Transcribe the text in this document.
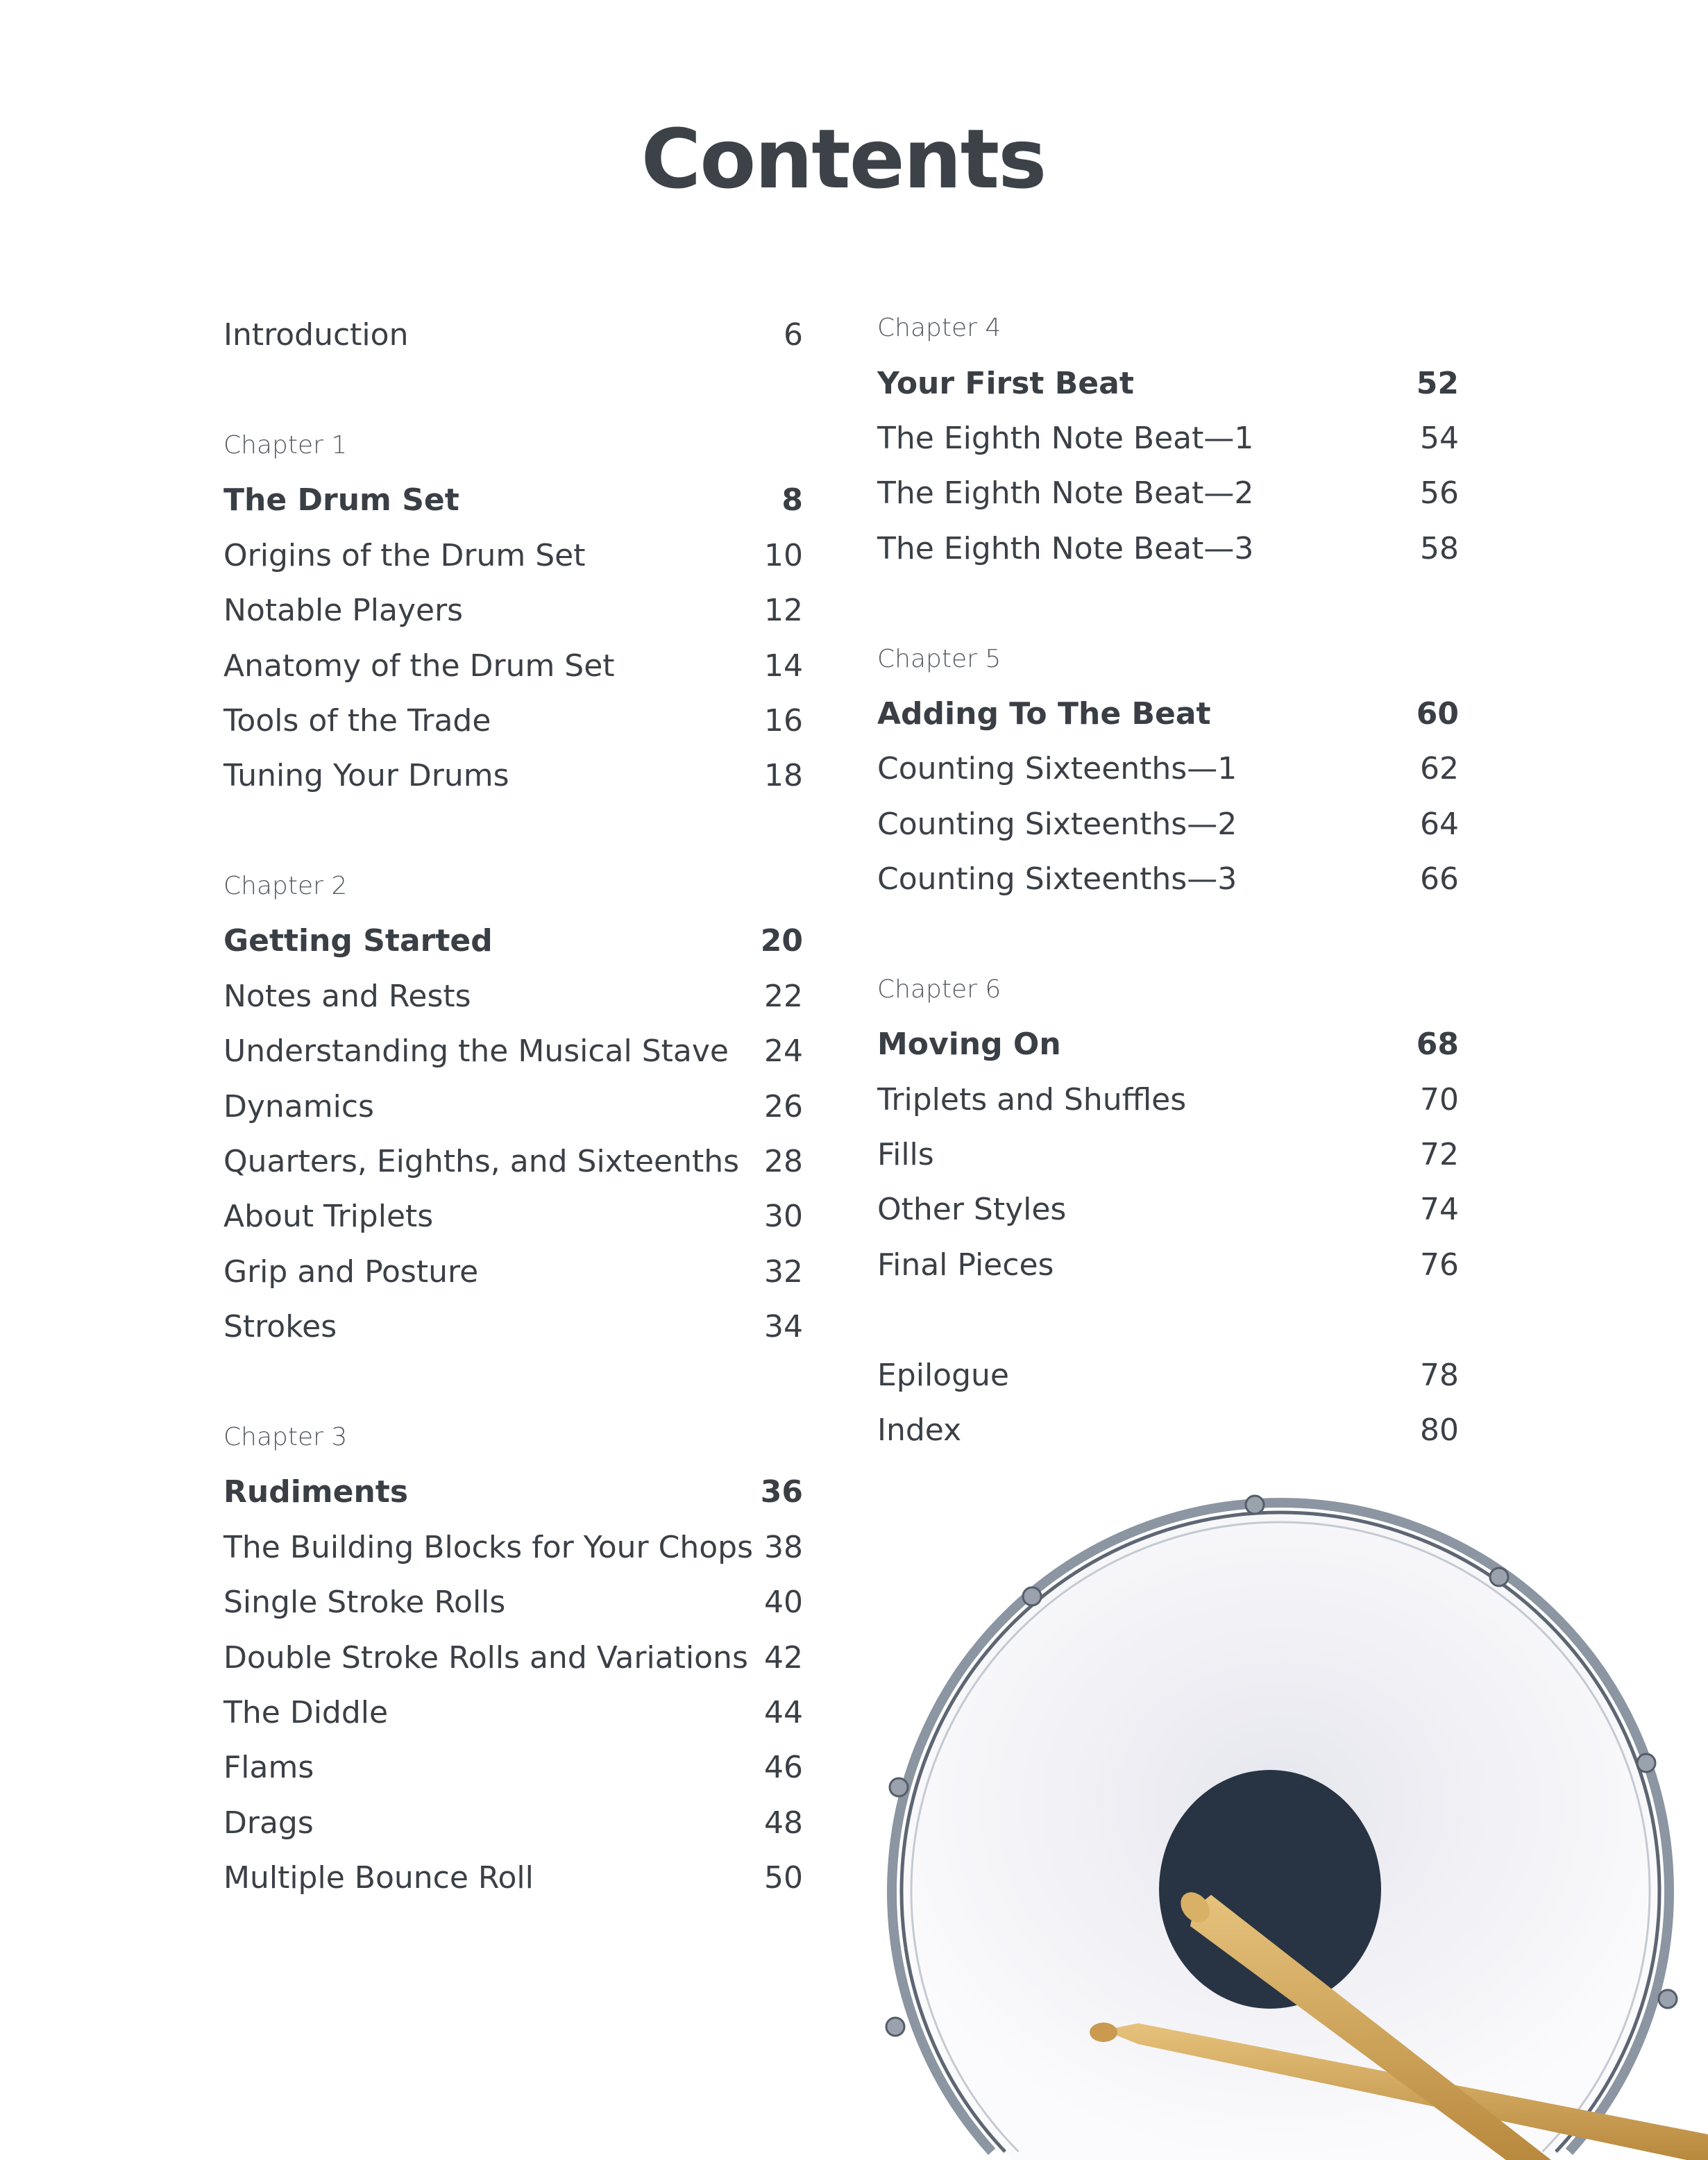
Contents
Introduction	6
Chapter 1
The Drum Set	8
Origins of the Drum Set	10
Notable Players	12
Anatomy of the Drum Set	14
Tools of the Trade	16
Tuning Your Drums	18
Chapter 2
Getting Started	20
Notes and Rests	22
Understanding the Musical Stave 24
Dynamics	26
Quarters, Eighths, and Sixteenths 28
About Triplets	30
Grip and Posture	32
Strokes	34
Chapter 3
Rudiments	36
The Building Blocks for Your Chops 38
Single Stroke Rolls	40
Double Stroke Rolls and Variations 42
The Diddle	44
Flams	46
Drags	48
Multiple Bounce Roll	50
Chapter 4
Your First Beat	52
The Eighth Note Beat—1	54
The Eighth Note Beat—2	56
The Eighth Note Beat—3	58
Chapter 5
Adding To The Beat	60
Counting Sixteenths—1	62
Counting Sixteenths—2	64
Counting Sixteenths—3	66
Chapter 6
Moving On	68
Triplets and Shuffles	70
Fills	72
Other Styles	74
Final Pieces	76
Epilogue	78
Index	80
